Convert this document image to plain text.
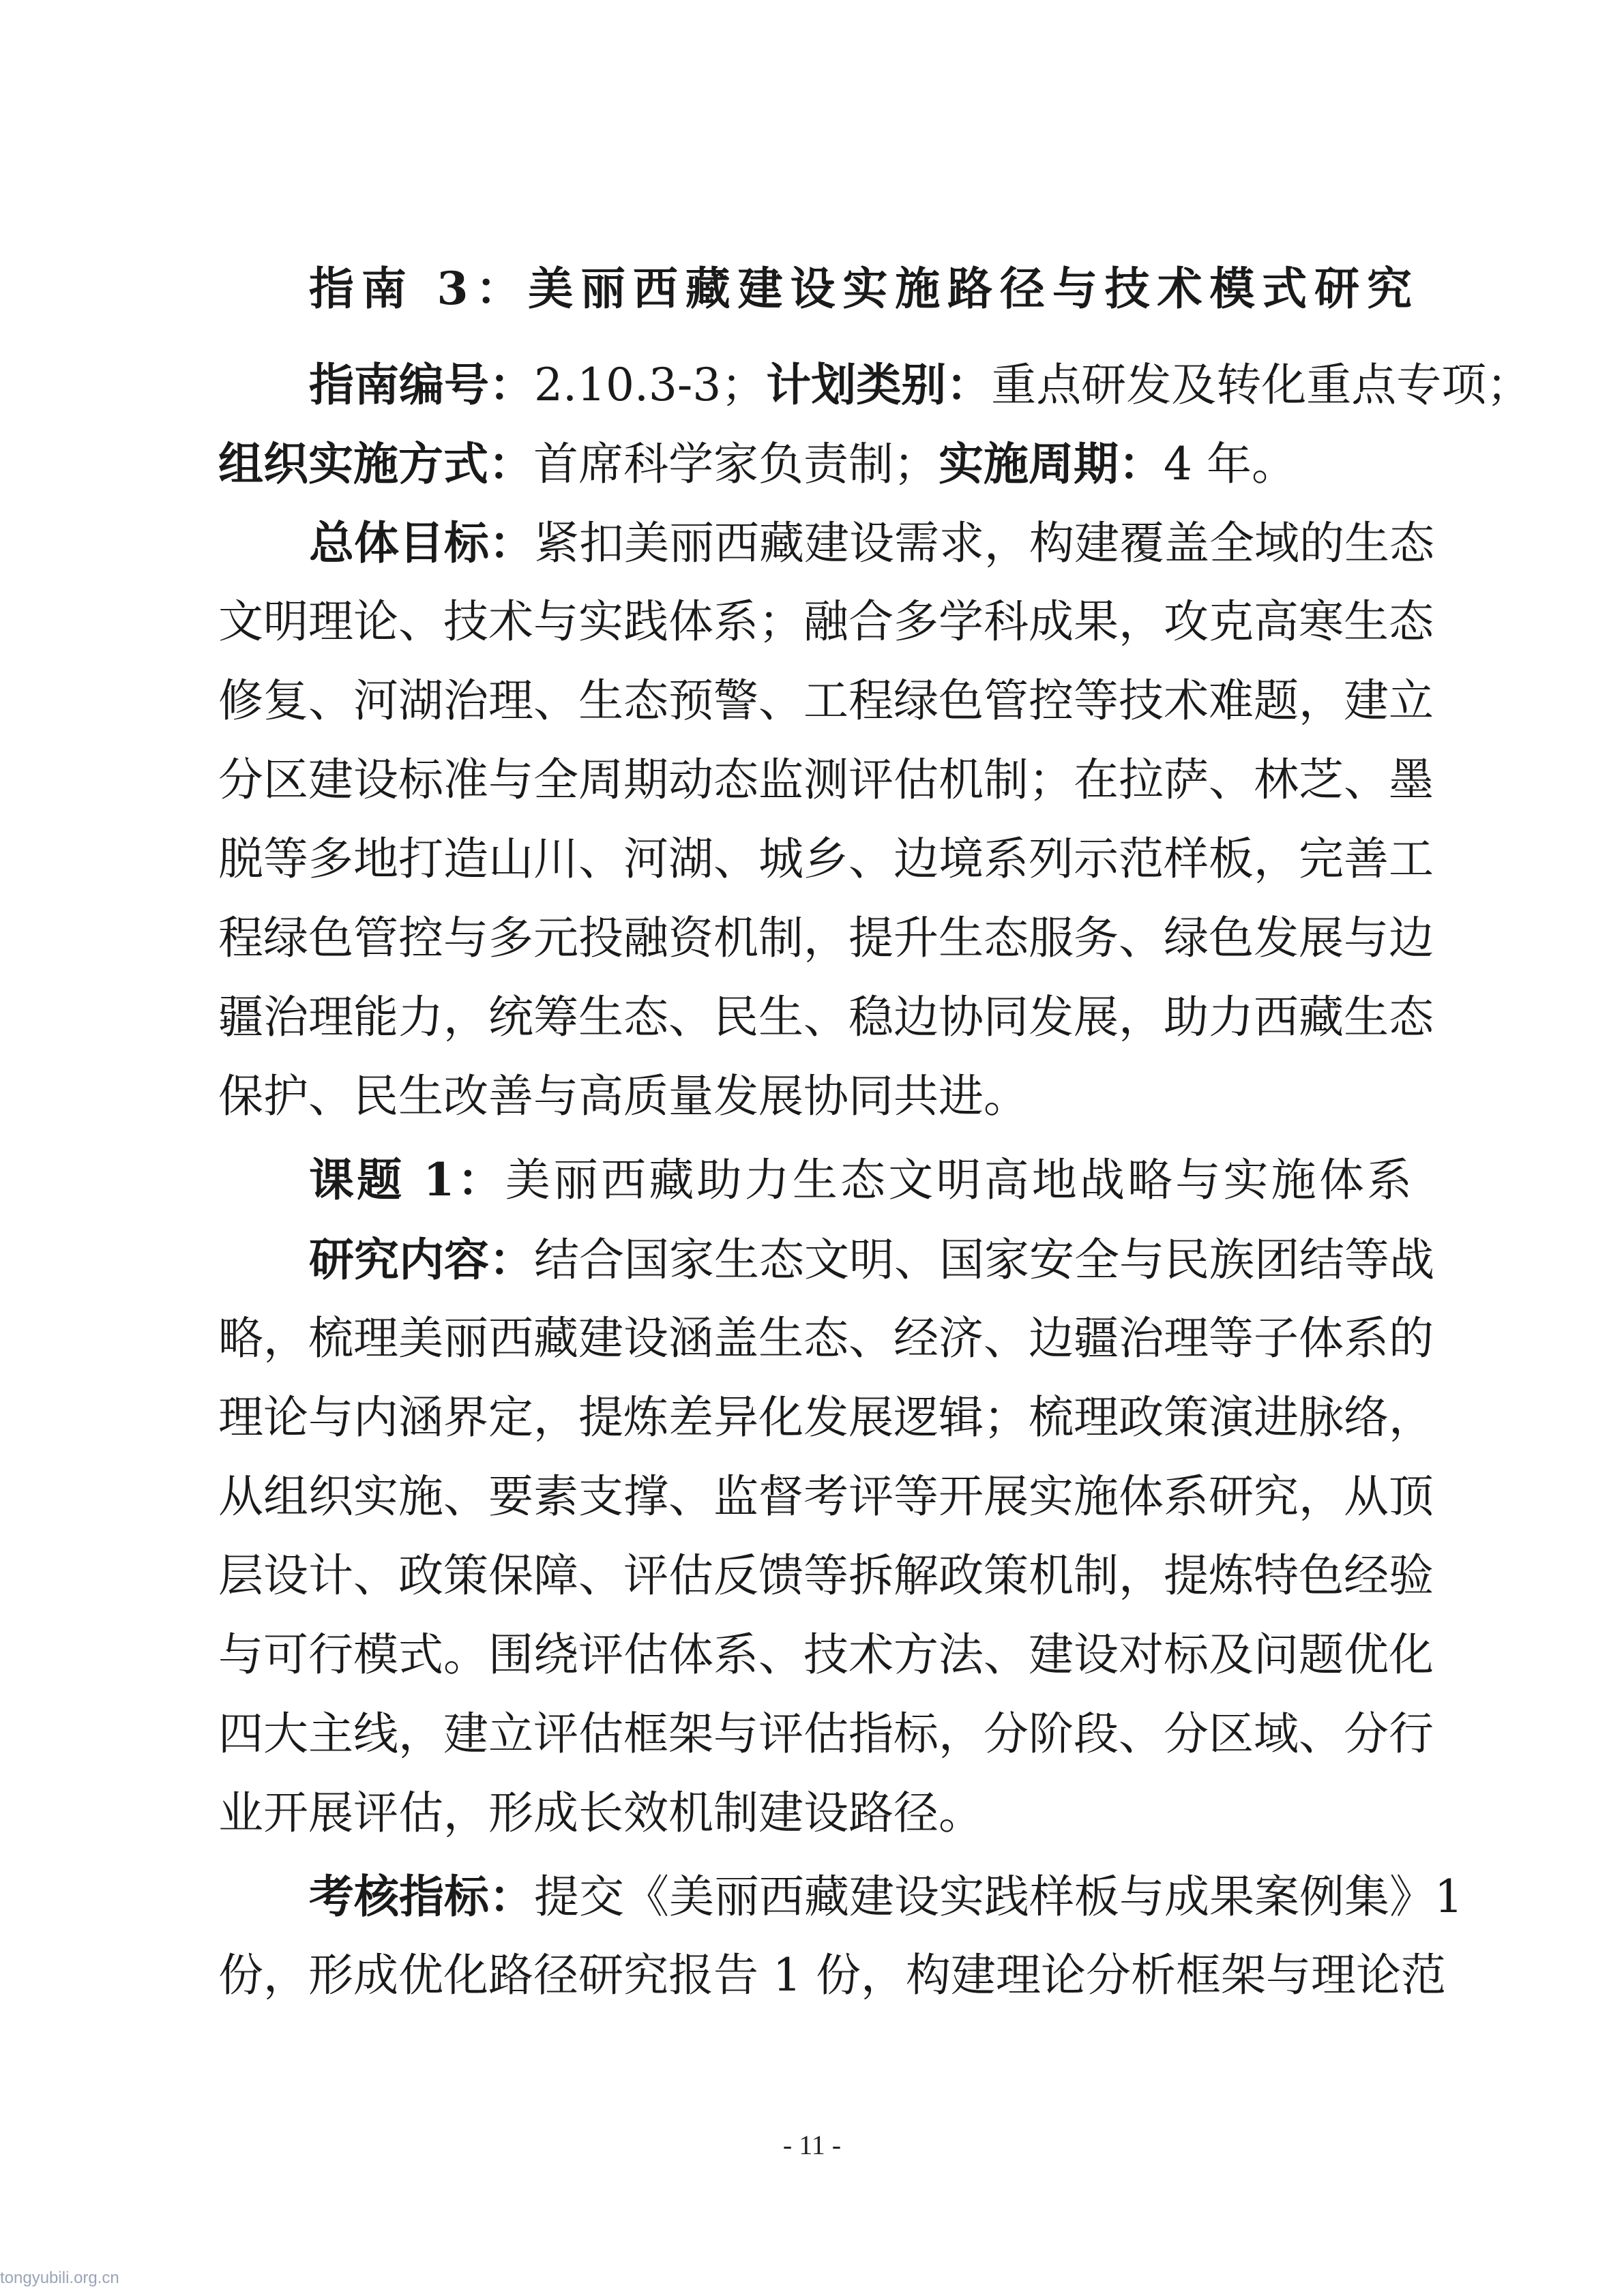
指南 3：美丽西藏建设实施路径与技术模式研究
指南编号：2.10.3-3；计划类别：重点研发及转化重点专项；
组织实施方式：首席科学家负责制；实施周期：4 年。
总体目标：紧扣美丽西藏建设需求，构建覆盖全域的生态
文明理论、技术与实践体系；融合多学科成果，攻克高寒生态
修复、河湖治理、生态预警、工程绿色管控等技术难题，建立
分区建设标准与全周期动态监测评估机制；在拉萨、林芝、墨
脱等多地打造山川、河湖、城乡、边境系列示范样板，完善工
程绿色管控与多元投融资机制，提升生态服务、绿色发展与边
疆治理能力，统筹生态、民生、稳边协同发展，助力西藏生态
保护、民生改善与高质量发展协同共进。
课题 1：美丽西藏助力生态文明高地战略与实施体系
研究内容：结合国家生态文明、国家安全与民族团结等战
略，梳理美丽西藏建设涵盖生态、经济、边疆治理等子体系的
理论与内涵界定，提炼差异化发展逻辑；梳理政策演进脉络，
从组织实施、要素支撑、监督考评等开展实施体系研究，从顶
层设计、政策保障、评估反馈等拆解政策机制，提炼特色经验
与可行模式。围绕评估体系、技术方法、建设对标及问题优化
四大主线，建立评估框架与评估指标，分阶段、分区域、分行
业开展评估，形成长效机制建设路径。
考核指标：提交《美丽西藏建设实践样板与成果案例集》1
份，形成优化路径研究报告 1 份，构建理论分析框架与理论范
- 11 -
tongyubili.org.cn
